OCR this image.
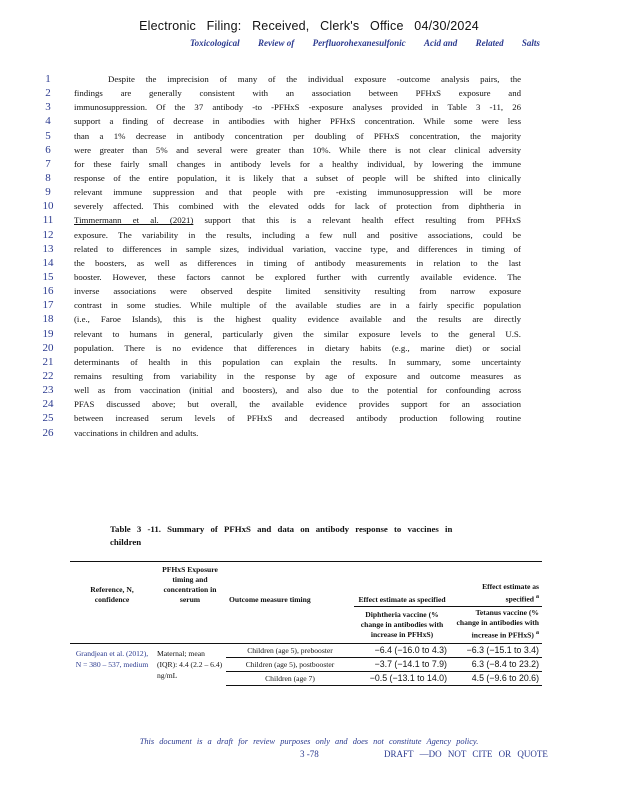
Electronic Filing: Received, Clerk's Office 04/30/2024
Toxicological Review of Perfluorohexanesulfonic Acid and Related Salts
1	Despite the imprecision of many of the individual exposure -outcome analysis pairs, the
2	findings are generally consistent with an association between PFHxS exposure and
3	immunosuppression. Of the 37 antibody -to -PFHxS -exposure analyses provided in Table 3 -11, 26
4	support a finding of decrease in antibodies with higher PFHxS concentration. While some were less
5	than a 1% decrease in antibody concentration per doubling of PFHxS concentration, the majority
6	were greater than 5% and several were greater than 10%. While there is not clear clinical adversity
7	for these fairly small changes in antibody levels for a healthy individual, by lowering the immune
8	response of the entire population, it is likely that a subset of people will be shifted into clinically
9	relevant immune suppression and that people with pre -existing immunosuppression will be more
10	severely affected. This combined with the elevated odds for lack of protection from diphtheria in
11	Timmermann et al. (2021) support that this is a relevant health effect resulting from PFHxS
12	exposure. The variability in the results, including a few null and positive associations, could be
13	related to differences in sample sizes, individual variation, vaccine type, and differences in timing of
14	the boosters, as well as differences in timing of antibody measurements in relation to the last
15	booster. However, these factors cannot be explored further with currently available evidence. The
16	inverse associations were observed despite limited sensitivity resulting from narrow exposure
17	contrast in some studies. While multiple of the available studies are in a fairly specific population
18	(i.e., Faroe Islands), this is the highest quality evidence available and the results are directly
19	relevant to humans in general, particularly given the similar exposure levels to the general U.S.
20	population. There is no evidence that differences in dietary habits (e.g., marine diet) or social
21	determinants of health in this population can explain the results. In summary, some uncertainty
22	remains resulting from variability in the response by age of exposure and outcome measures as
23	well as from vaccination (initial and boosters), and also due to the potential for confounding across
24	PFAS discussed above; but overall, the available evidence provides support for an association
25	between increased serum levels of PFHxS and decreased antibody production following routine
26	vaccinations in children and adults.
Table 3 -11. Summary of PFHxS and data on antibody response to vaccines in
children
Reference, N, confidence	PFHxS Exposure timing and concentration in serum	Outcome measure timing	Effect estimate as specified	Effect estimate as specified $^a$
			Diphtheria vaccine (% change in antibodies with increase in PFHxS)	Tetanus vaccine (% change in antibodies with increase in PFHxS) $^a$
Grandjean et al. (2012), N = 380 – 537, medium	Maternal; mean (IQR): 4.4 (2.2 – 6.4) ng/mL	Children (age 5), prebooster	−6.4 (−16.0 to 4.3)	−6.3 (−15.1 to 3.4)
		Children (age 5), postbooster	−3.7 (−14.1 to 7.9)	6.3 (−8.4 to 23.2)
		Children (age 7)	−0.5 (−13.1 to 14.0)	4.5 (−9.6 to 20.6)
This document is a draft for review purposes only and does not constitute Agency policy.
3 -78	DRAFT —DO NOT CITE OR QUOTE
